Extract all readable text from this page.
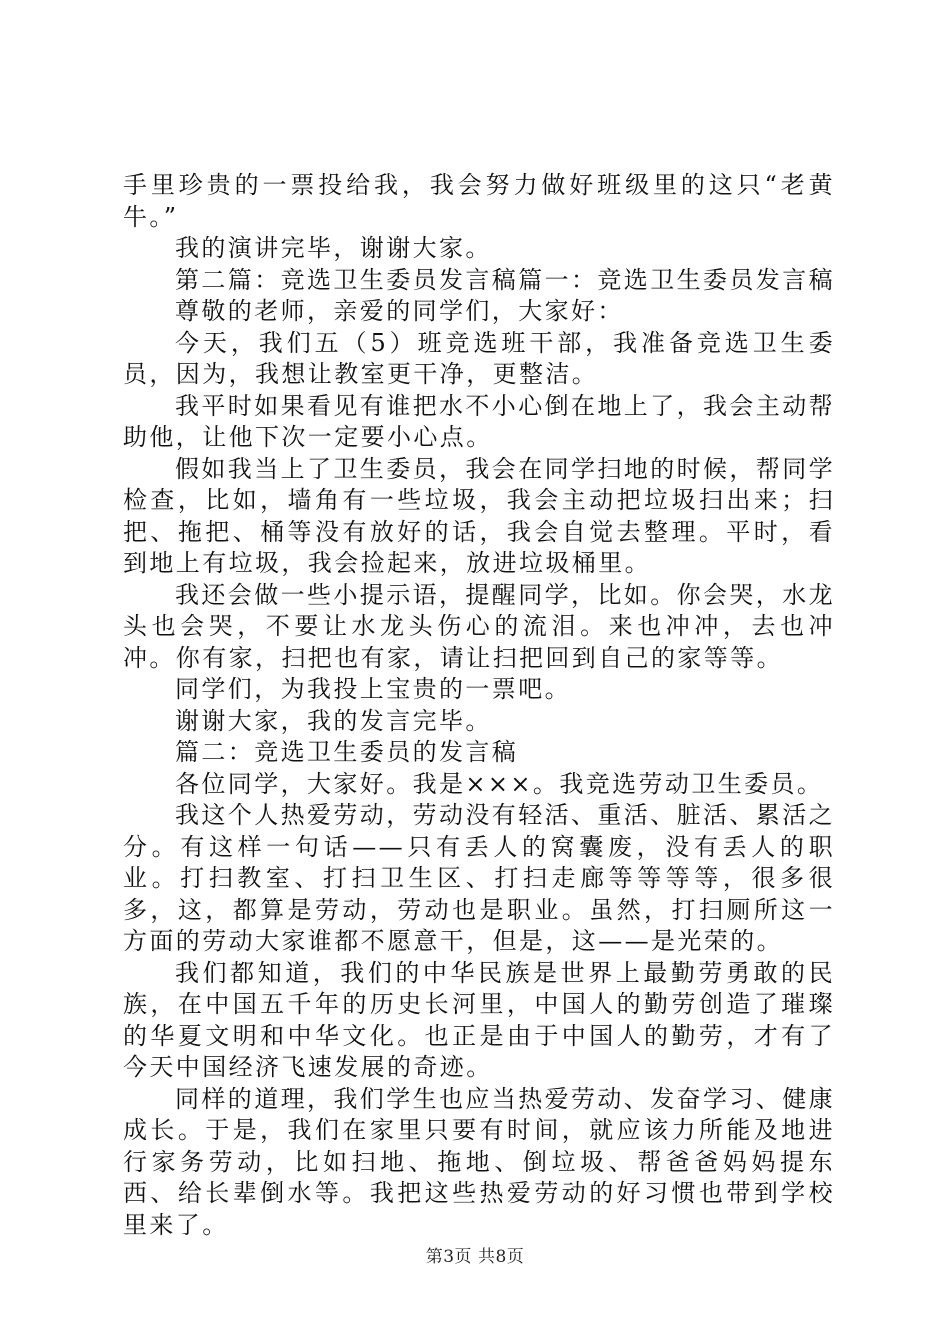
手里珍贵的一票投给我，我会努力做好班级里的这只“老黄牛。”

我的演讲完毕，谢谢大家。

第二篇：竞选卫生委员发言稿篇一：竞选卫生委员发言稿

尊敬的老师，亲爱的同学们，大家好：

今天，我们五（5）班竞选班干部，我准备竞选卫生委员，因为，我想让教室更干净，更整洁。

我平时如果看见有谁把水不小心倒在地上了，我会主动帮助他，让他下次一定要小心点。

假如我当上了卫生委员，我会在同学扫地的时候，帮同学检查，比如，墙角有一些垃圾，我会主动把垃圾扫出来；扫把、拖把、桶等没有放好的话，我会自觉去整理。平时，看到地上有垃圾，我会捡起来，放进垃圾桶里。

我还会做一些小提示语，提醒同学，比如。你会哭，水龙头也会哭，不要让水龙头伤心的流泪。来也冲冲，去也冲冲。你有家，扫把也有家，请让扫把回到自己的家等等。

同学们，为我投上宝贵的一票吧。

谢谢大家，我的发言完毕。

篇二：竞选卫生委员的发言稿

各位同学，大家好。我是×××。我竞选劳动卫生委员。

我这个人热爱劳动，劳动没有轻活、重活、脏活、累活之分。有这样一句话——只有丢人的窝囊废，没有丢人的职业。打扫教室、打扫卫生区、打扫走廊等等等等，很多很多，这，都算是劳动，劳动也是职业。虽然，打扫厕所这一方面的劳动大家谁都不愿意干，但是，这——是光荣的。

我们都知道，我们的中华民族是世界上最勤劳勇敢的民族，在中国五千年的历史长河里，中国人的勤劳创造了璀璨的华夏文明和中华文化。也正是由于中国人的勤劳，才有了今天中国经济飞速发展的奇迹。

同样的道理，我们学生也应当热爱劳动、发奋学习、健康成长。于是，我们在家里只要有时间，就应该力所能及地进行家务劳动，比如扫地、拖地、倒垃圾、帮爸爸妈妈提东西、给长辈倒水等。我把这些热爱劳动的好习惯也带到学校里来了。

第3页 共8页
